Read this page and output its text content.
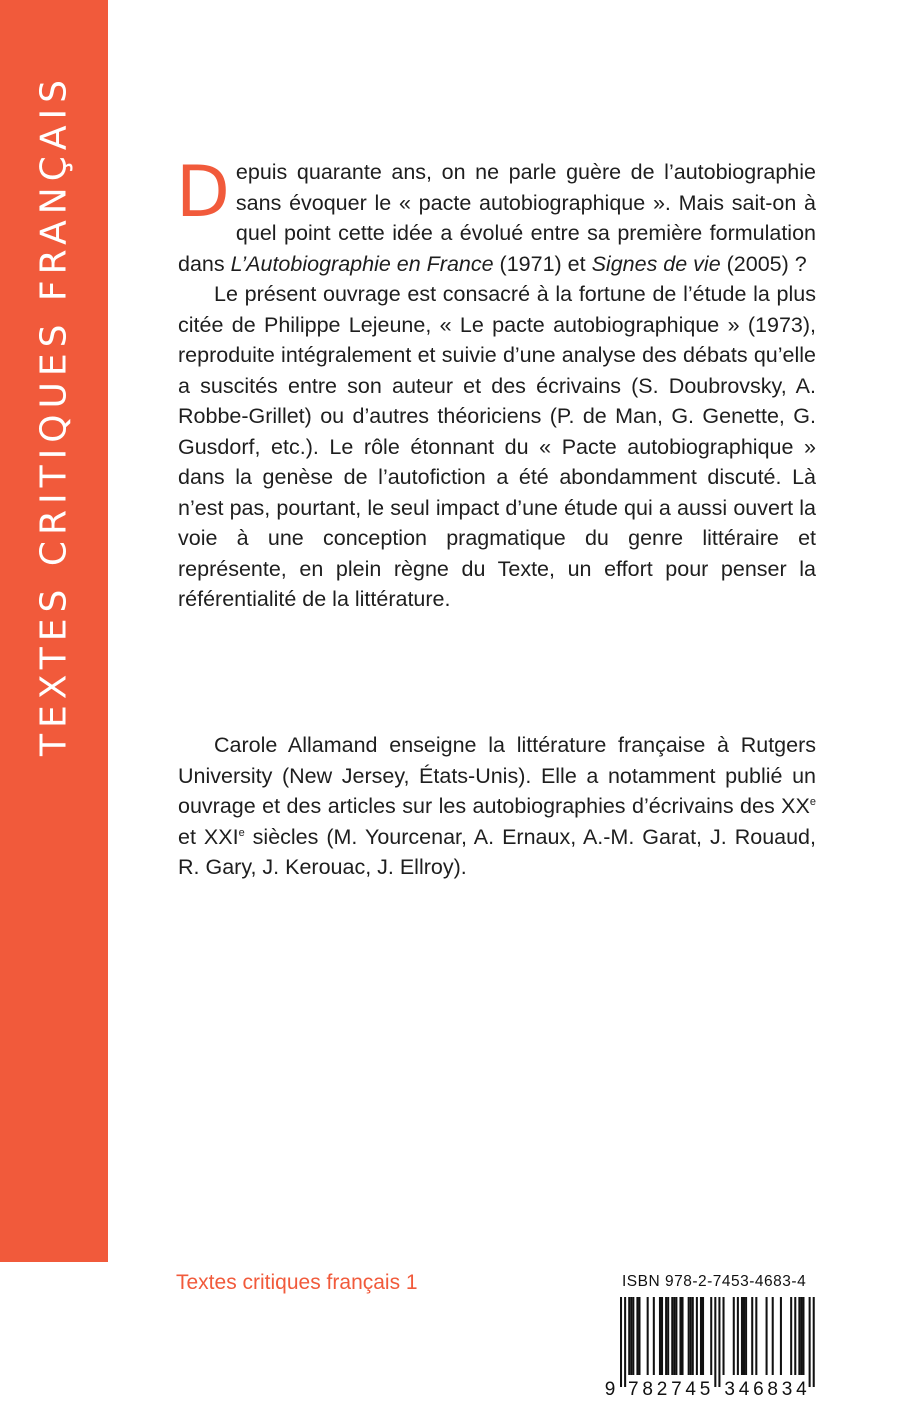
TEXTES CRITIQUES FRANÇAIS Depuis quarante ans, on ne parle guère de l’autobiographie sans évoquer le « pacte autobiographique ». Mais sait-on à quel point cette idée a évolué entre sa première formulation dans L’Autobiographie en France (1971) et Signes de vie (2005) ?

Le présent ouvrage est consacré à la fortune de l’étude la plus citée de Philippe Lejeune, « Le pacte autobiographique » (1973), reproduite intégralement et suivie d’une analyse des débats qu’elle a suscités entre son auteur et des écrivains (S. Doubrovsky, A. Robbe-Grillet) ou d’autres théoriciens (P. de Man, G. Genette, G. Gusdorf, etc.). Le rôle étonnant du « Pacte autobiographique » dans la genèse de l’autofiction a été abondamment discuté. Là n’est pas, pourtant, le seul impact d’une étude qui a aussi ouvert la voie à une conception pragmatique du genre littéraire et représente, en plein règne du Texte, un effort pour penser la référentialité de la littérature.

Carole Allamand enseigne la littérature française à Rutgers University (New Jersey, États-Unis). Elle a notamment publié un ouvrage et des articles sur les autobiographies d’écrivains des XXe et XXIe siècles (M. Yourcenar, A. Ernaux, A.-M. Garat, J. Rouaud, R. Gary, J. Kerouac, J. Ellroy).

Textes critiques français 1	ISBN 978-2-7453-4683-4
9 7 8 2 7 4 5 3 4 6 8 3 4
